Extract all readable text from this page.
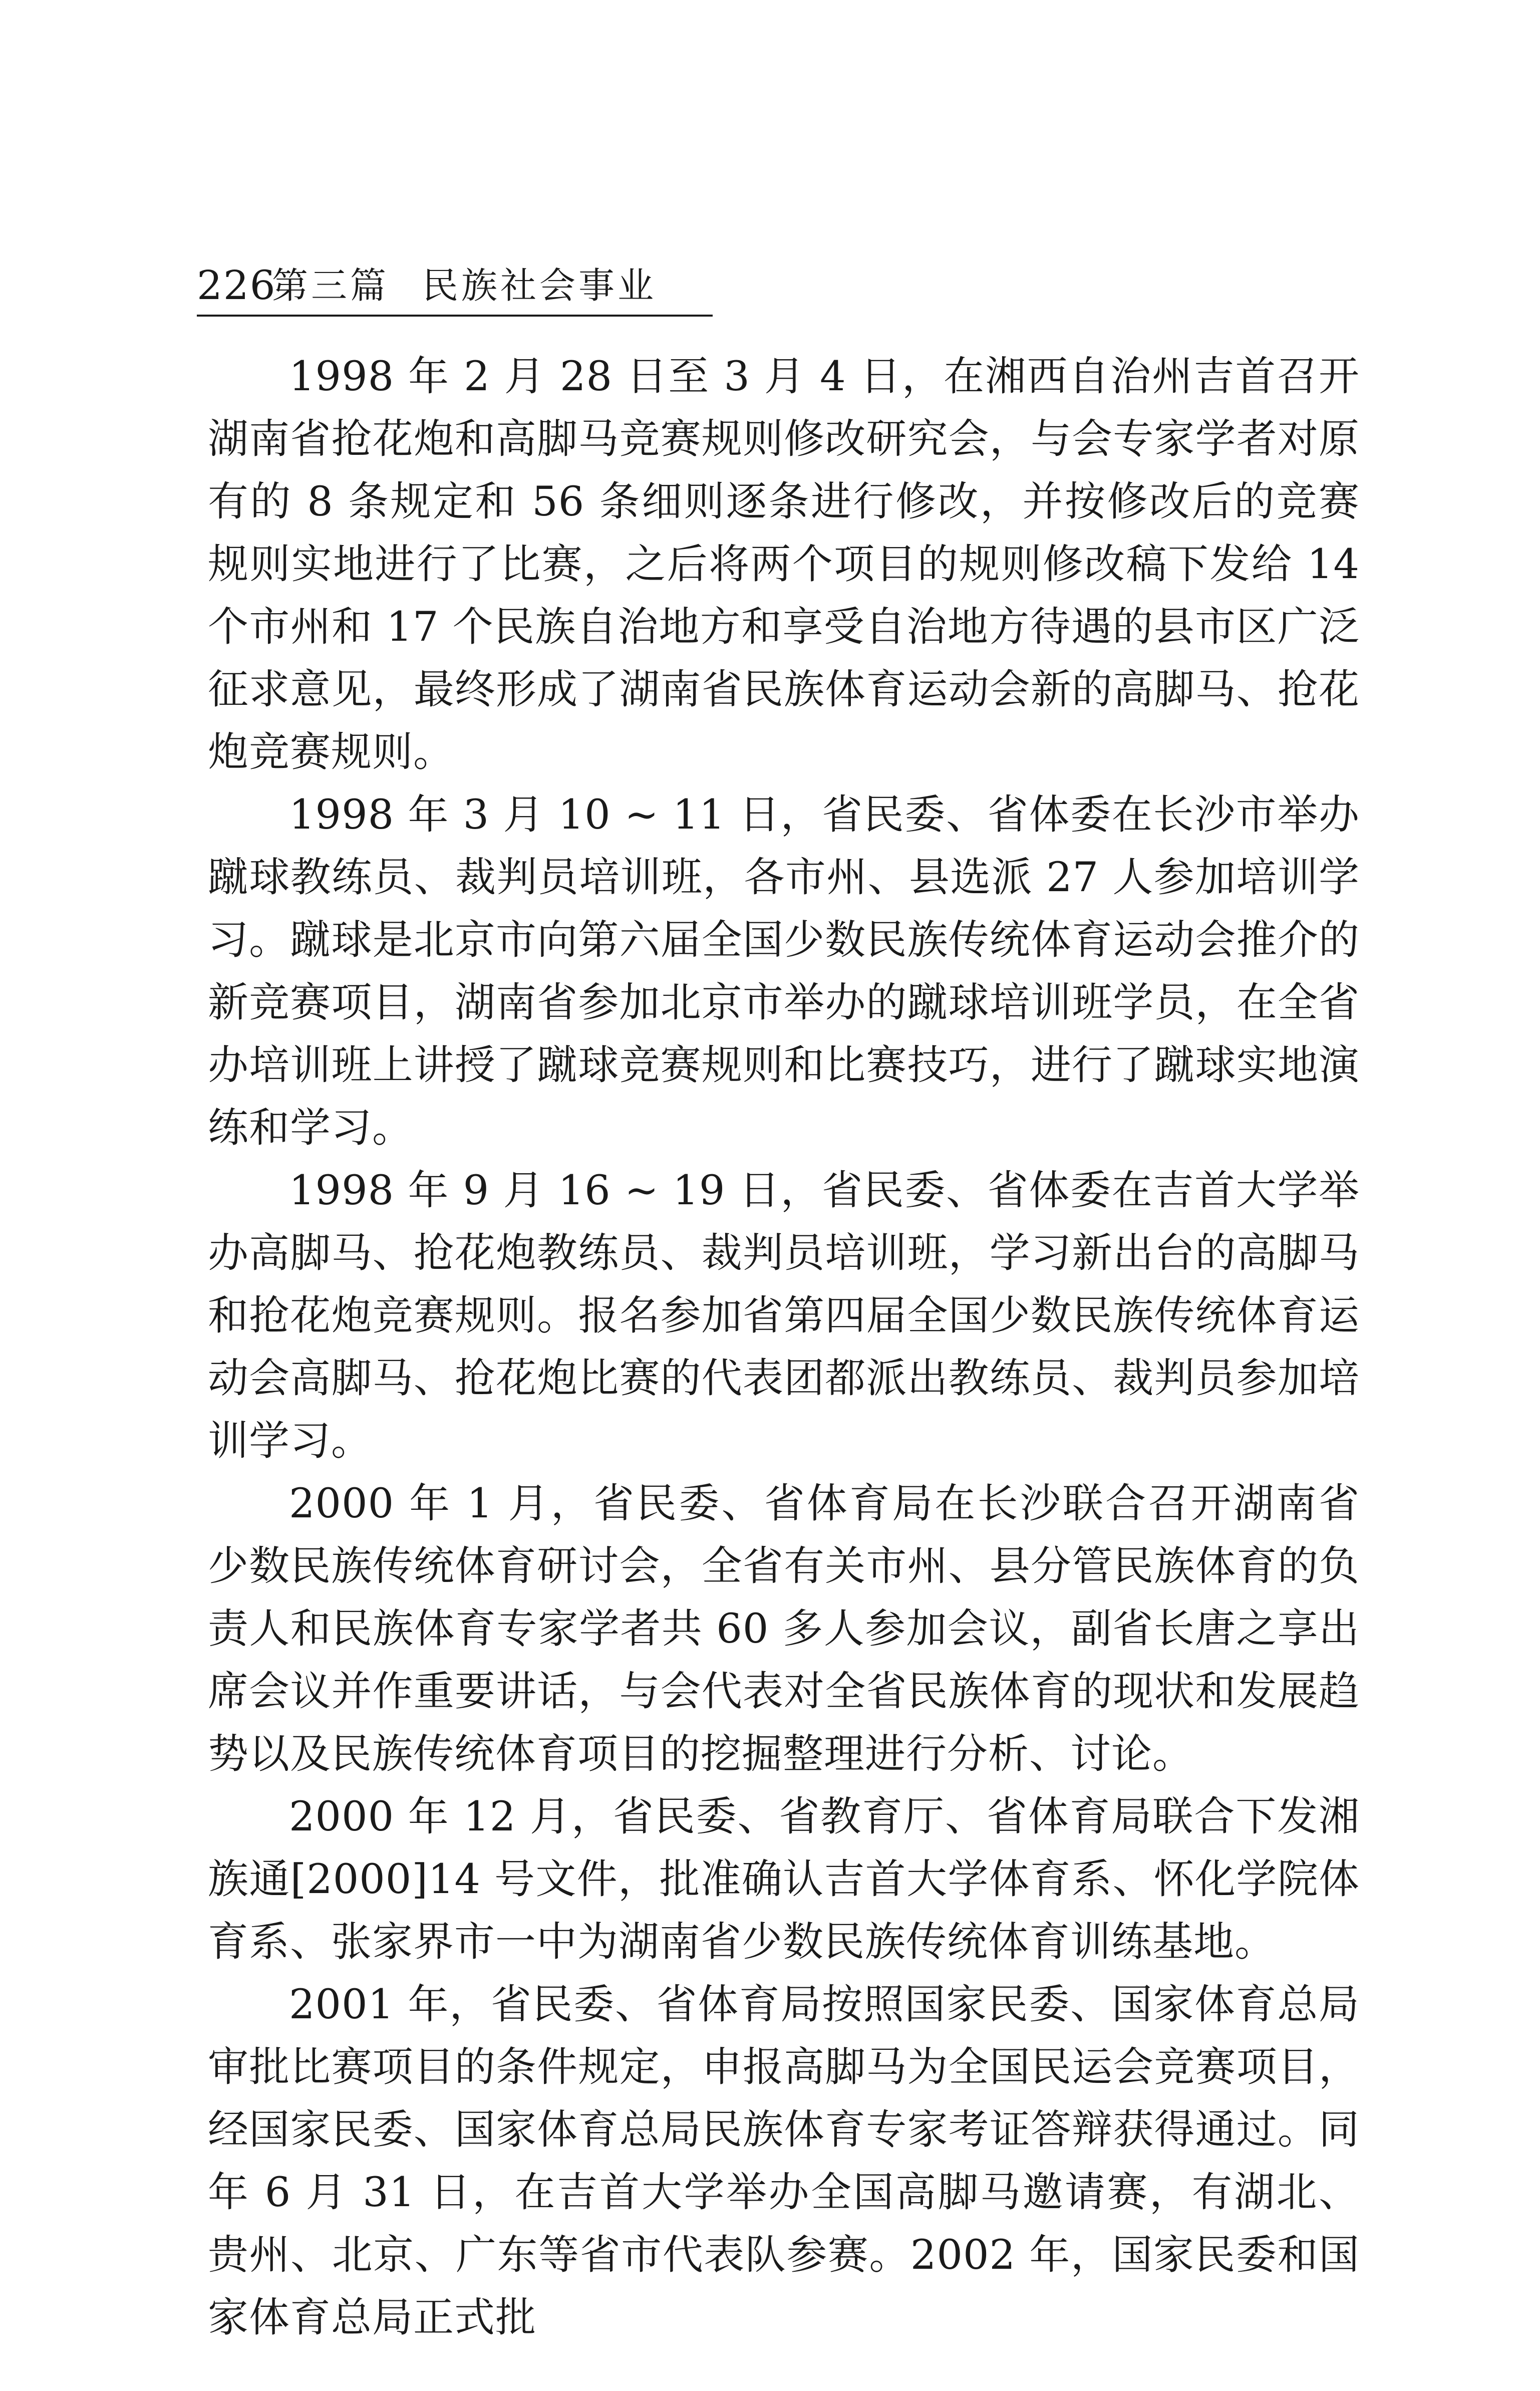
226
第三篇 民族社会事业

1998 年 2 月 28 日至 3 月 4 日，在湘西自治州吉首召开湖南省抢花炮和高脚马竞赛规则修改研究会，与会专家学者对原有的 8 条规定和 56 条细则逐条进行修改，并按修改后的竞赛规则实地进行了比赛，之后将两个项目的规则修改稿下发给 14 个市州和 17 个民族自治地方和享受自治地方待遇的县市区广泛征求意见，最终形成了湖南省民族体育运动会新的高脚马、抢花炮竞赛规则。

1998 年 3 月 10 ~ 11 日，省民委、省体委在长沙市举办蹴球教练员、裁判员培训班，各市州、县选派 27 人参加培训学习。蹴球是北京市向第六届全国少数民族传统体育运动会推介的新竞赛项目，湖南省参加北京市举办的蹴球培训班学员，在全省办培训班上讲授了蹴球竞赛规则和比赛技巧，进行了蹴球实地演练和学习。

1998 年 9 月 16 ~ 19 日，省民委、省体委在吉首大学举办高脚马、抢花炮教练员、裁判员培训班，学习新出台的高脚马和抢花炮竞赛规则。报名参加省第四届全国少数民族传统体育运动会高脚马、抢花炮比赛的代表团都派出教练员、裁判员参加培训学习。

2000 年 1 月，省民委、省体育局在长沙联合召开湖南省少数民族传统体育研讨会，全省有关市州、县分管民族体育的负责人和民族体育专家学者共 60 多人参加会议，副省长唐之享出席会议并作重要讲话，与会代表对全省民族体育的现状和发展趋势以及民族传统体育项目的挖掘整理进行分析、讨论。

2000 年 12 月，省民委、省教育厅、省体育局联合下发湘族通[2000]14 号文件，批准确认吉首大学体育系、怀化学院体育系、张家界市一中为湖南省少数民族传统体育训练基地。

2001 年，省民委、省体育局按照国家民委、国家体育总局审批比赛项目的条件规定，申报高脚马为全国民运会竞赛项目，经国家民委、国家体育总局民族体育专家考证答辩获得通过。同年 6 月 31 日，在吉首大学举办全国高脚马邀请赛，有湖北、贵州、北京、广东等省市代表队参赛。2002 年，国家民委和国家体育总局正式批
